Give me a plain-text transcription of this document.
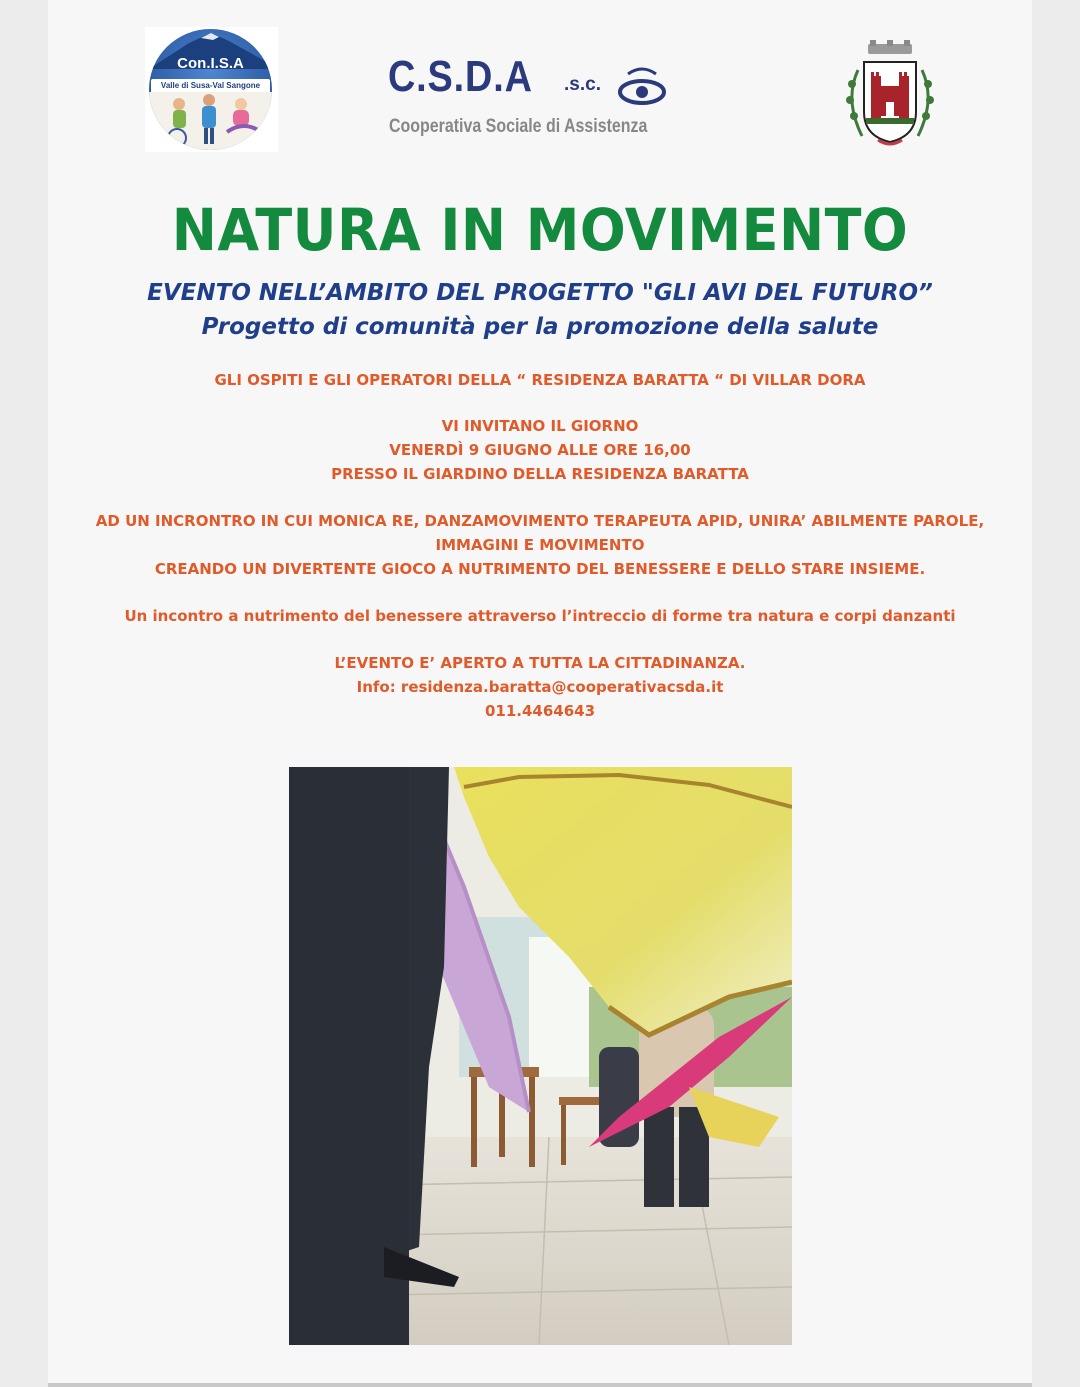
Con.I.S.A
Valle di Susa-Val Sangone	C.S.D.A .s.c.
Cooperativa Sociale di Assistenza
NATURA IN MOVIMENTO
EVENTO NELL’AMBITO DEL PROGETTO "GLI AVI DEL FUTURO”
Progetto di comunità per la promozione della salute
GLI OSPITI E GLI OPERATORI DELLA “ RESIDENZA BARATTA “ DI VILLAR DORA
VI INVITANO IL GIORNO
VENERDÌ 9 GIUGNO ALLE ORE 16,00
PRESSO IL GIARDINO DELLA RESIDENZA BARATTA
AD UN INCRONTRO IN CUI MONICA RE, DANZAMOVIMENTO TERAPEUTA APID, UNIRA’ ABILMENTE PAROLE,
IMMAGINI E MOVIMENTO
CREANDO UN DIVERTENTE GIOCO A NUTRIMENTO DEL BENESSERE E DELLO STARE INSIEME.
Un incontro a nutrimento del benessere attraverso l’intreccio di forme tra natura e corpi danzanti
L’EVENTO E’ APERTO A TUTTA LA CITTADINANZA.
Info: residenza.baratta@cooperativacsda.it
011.4464643
